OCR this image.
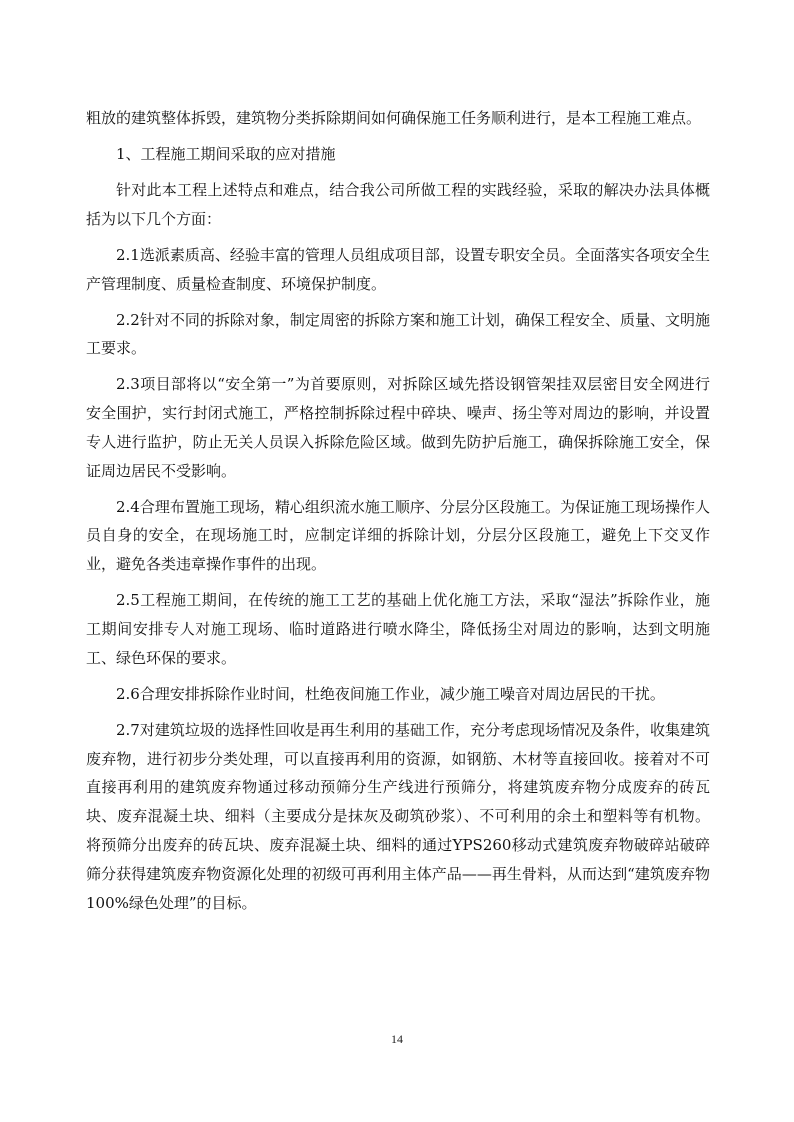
粗放的建筑整体拆毁，建筑物分类拆除期间如何确保施工任务顺利进行，是本工程施工难点。

1、工程施工期间采取的应对措施

针对此本工程上述特点和难点，结合我公司所做工程的实践经验，采取的解决办法具体概括为以下几个方面：

2.1选派素质高、经验丰富的管理人员组成项目部，设置专职安全员。全面落实各项安全生产管理制度、质量检查制度、环境保护制度。

2.2针对不同的拆除对象，制定周密的拆除方案和施工计划，确保工程安全、质量、文明施工要求。

2.3项目部将以“安全第一”为首要原则，对拆除区域先搭设钢管架挂双层密目安全网进行安全围护，实行封闭式施工，严格控制拆除过程中碎块、噪声、扬尘等对周边的影响，并设置专人进行监护，防止无关人员误入拆除危险区域。做到先防护后施工，确保拆除施工安全，保证周边居民不受影响。

2.4合理布置施工现场，精心组织流水施工顺序、分层分区段施工。为保证施工现场操作人员自身的安全，在现场施工时，应制定详细的拆除计划，分层分区段施工，避免上下交叉作业，避免各类违章操作事件的出现。

2.5工程施工期间，在传统的施工工艺的基础上优化施工方法，采取“湿法”拆除作业，施工期间安排专人对施工现场、临时道路进行喷水降尘，降低扬尘对周边的影响，达到文明施工、绿色环保的要求。

2.6合理安排拆除作业时间，杜绝夜间施工作业，减少施工噪音对周边居民的干扰。

2.7对建筑垃圾的选择性回收是再生利用的基础工作，充分考虑现场情况及条件，收集建筑废弃物，进行初步分类处理，可以直接再利用的资源，如钢筋、木材等直接回收。接着对不可直接再利用的建筑废弃物通过移动预筛分生产线进行预筛分，将建筑废弃物分成废弃的砖瓦块、废弃混凝土块、细料（主要成分是抹灰及砌筑砂浆）、不可利用的余土和塑料等有机物。 将预筛分出废弃的砖瓦块、废弃混凝土块、细料的通过YPS260移动式建筑废弃物破碎站破碎筛分获得建筑废弃物资源化处理的初级可再利用主体产品——再生骨料，从而达到“建筑废弃物100%绿色处理”的目标。

14
